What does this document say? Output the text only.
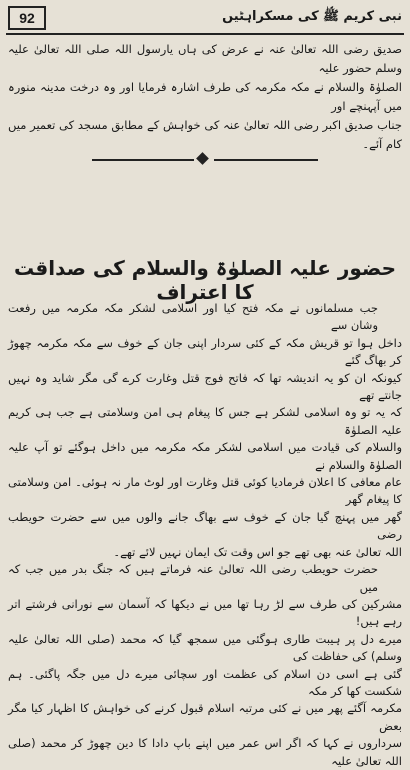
92	نبی کریم ﷺ کی مسکراہٹیں

صدیق رضی اللہ تعالیٰ عنہ نے عرض کی ہاں یارسول اللہ صلی اللہ تعالیٰ علیہ وسلم حضور علیہ

الصلوٰۃ والسلام نے مکہ مکرمہ کی طرف اشارہ فرمایا اور وہ درخت مدینہ منورہ میں آپہنچے اور

جناب صدیق اکبر رضی اللہ تعالیٰ عنہ کی خواہش کے مطابق مسجد کی تعمیر میں کام آئے۔

حضور علیہ الصلوٰۃ والسلام کی صداقت کا اعتراف

جب مسلمانوں نے مکہ فتح کیا اور اسلامی لشکر مکہ مکرمہ میں رفعت وشان سے

داخل ہوا تو قریش مکہ کے کئی سردار اپنی جان کے خوف سے مکہ مکرمہ چھوڑ کر بھاگ گئے

کیونکہ ان کو یہ اندیشہ تھا کہ فاتح فوج قتل وغارت کرے گی مگر شاید وہ نہیں جانتے تھے

کہ یہ تو وہ اسلامی لشکر ہے جس کا پیغام ہی امن وسلامتی ہے جب ہی کریم علیہ الصلوٰۃ

والسلام کی قیادت میں اسلامی لشکر مکہ مکرمہ میں داخل ہوگئے تو آپ علیہ الصلوٰۃ والسلام نے

عام معافی کا اعلان فرمادیا کوئی قتل وغارت اور لوٹ مار نہ ہوئی۔ امن وسلامتی کا پیغام گھر

گھر میں پہنچ گیا جان کے خوف سے بھاگ جانے والوں میں سے حضرت حویطب رضی

اللہ تعالیٰ عنہ بھی تھے جو اس وقت تک ایمان نہیں لائے تھے۔

حضرت حویطب رضی اللہ تعالیٰ عنہ فرماتے ہیں کہ جنگ بدر میں جب کہ میں

مشرکین کی طرف سے لڑ رہا تھا میں نے دیکھا کہ آسمان سے نورانی فرشتے اتر رہے ہیں!

میرے دل پر ہیبت طاری ہوگئی میں سمجھ گیا کہ محمد (صلی اللہ تعالیٰ علیہ وسلم) کی حفاظت کی

گئی ہے اسی دن اسلام کی عظمت اور سچائی میرے دل میں جگہ پاگئی۔ ہم شکست کھا کر مکہ

مکرمہ آگئے پھر میں نے کئی مرتبہ اسلام قبول کرنے کی خواہش کا اظہار کیا مگر بعض

سرداروں نے کہا کہ اگر اس عمر میں اپنے باپ دادا کا دین چھوڑ کر محمد (صلی اللہ تعالیٰ علیہ
